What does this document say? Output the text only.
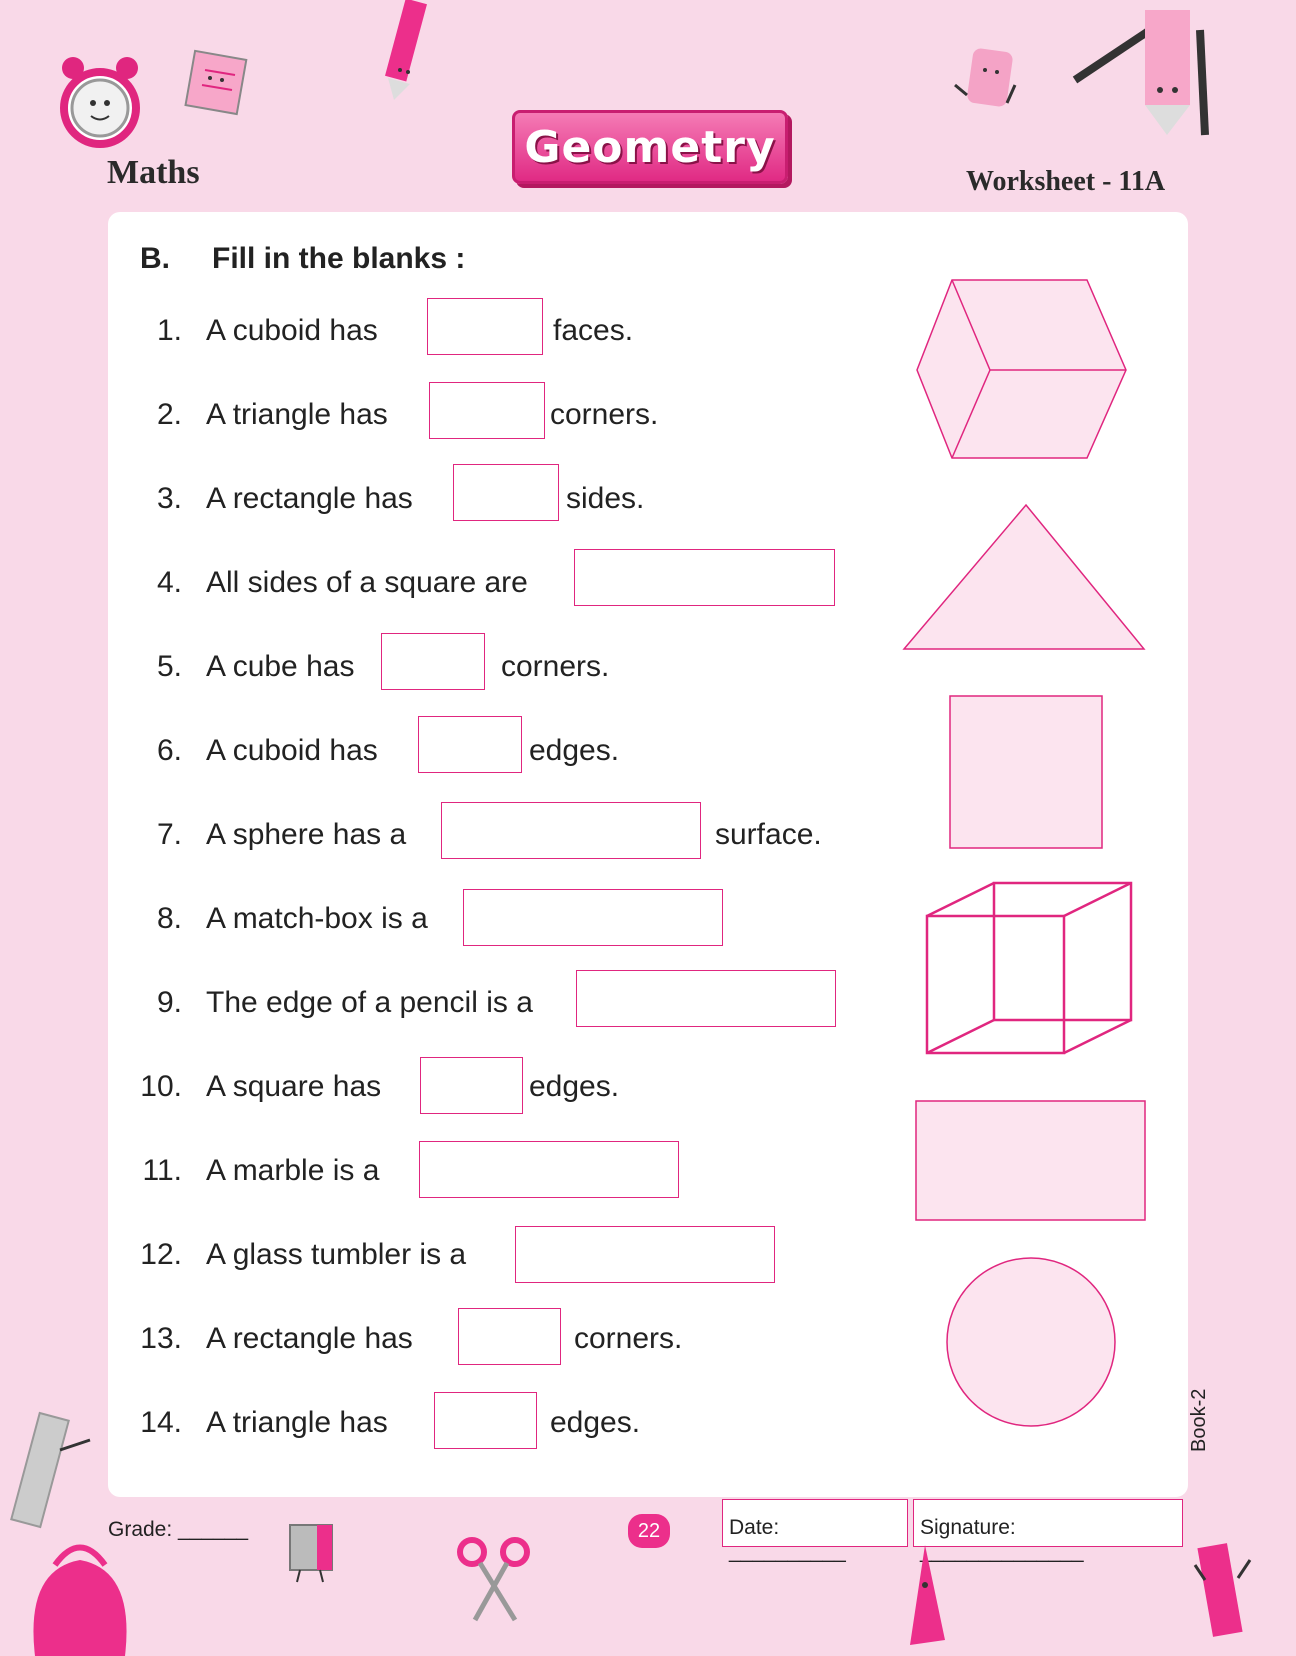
Maths	Geometry
Worksheet - 11A
B. Fill in the blanks :
1. A cuboid has	faces.
2. A triangle has	corners.
3. A rectangle has	sides.
4. All sides of a square are
5. A cube has	corners.
6. A cuboid has	edges.
7. A sphere has a	surface.
8. A match-box is a
9. The edge of a pencil is a
10. A square has	edges.
11. A marble is a
12. A glass tumbler is a
13. A rectangle has	corners.
14. A triangle has	edges.	Book-2
Grade: ______	22	Date: __________
Signature: ______________
